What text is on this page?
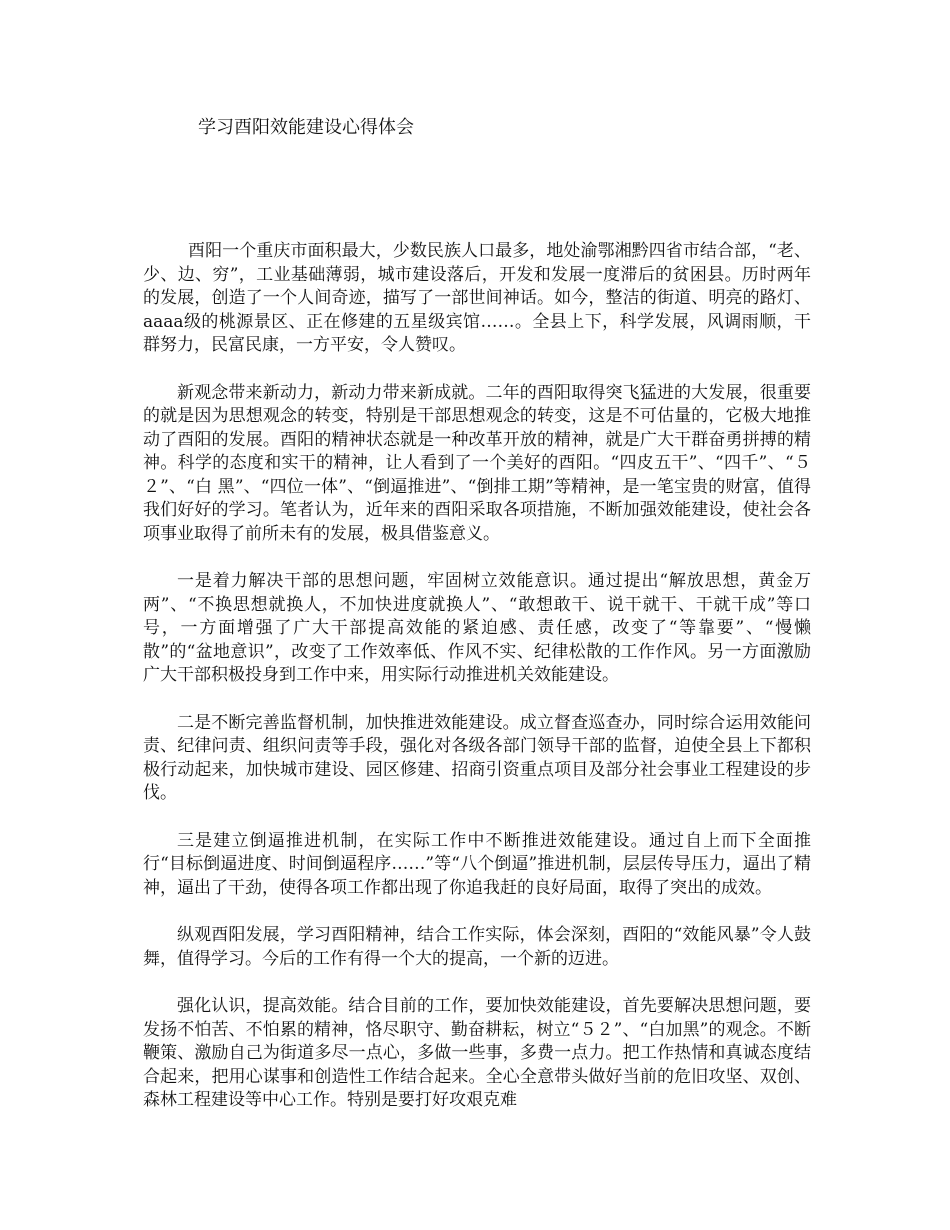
学习酉阳效能建设心得体会

酉阳一个重庆市面积最大，少数民族人口最多，地处渝鄂湘黔四省市结合部，“老、少、边、穷”，工业基础薄弱，城市建设落后，开发和发展一度滞后的贫困县。历时两年的发展，创造了一个人间奇迹，描写了一部世间神话。如今，整洁的街道、明亮的路灯、aaaa级的桃源景区、正在修建的五星级宾馆……。全县上下，科学发展，风调雨顺，干群努力，民富民康，一方平安，令人赞叹。

新观念带来新动力，新动力带来新成就。二年的酉阳取得突飞猛进的大发展，很重要的就是因为思想观念的转变，特别是干部思想观念的转变，这是不可估量的，它极大地推动了酉阳的发展。酉阳的精神状态就是一种改革开放的精神，就是广大干群奋勇拼搏的精神。科学的态度和实干的精神，让人看到了一个美好的酉阳。“四皮五干”、“四千”、“５２”、“白 黑”、“四位一体”、“倒逼推进”、“倒排工期”等精神，是一笔宝贵的财富，值得我们好好的学习。笔者认为，近年来的酉阳采取各项措施，不断加强效能建设，使社会各项事业取得了前所未有的发展，极具借鉴意义。

一是着力解决干部的思想问题，牢固树立效能意识。通过提出“解放思想，黄金万两”、“不换思想就换人，不加快进度就换人”、“敢想敢干、说干就干、干就干成”等口号，一方面增强了广大干部提高效能的紧迫感、责任感，改变了“等靠要”、“慢懒散”的“盆地意识”，改变了工作效率低、作风不实、纪律松散的工作作风。另一方面激励广大干部积极投身到工作中来，用实际行动推进机关效能建设。

二是不断完善监督机制，加快推进效能建设。成立督查巡查办，同时综合运用效能问责、纪律问责、组织问责等手段，强化对各级各部门领导干部的监督，迫使全县上下都积极行动起来，加快城市建设、园区修建、招商引资重点项目及部分社会事业工程建设的步伐。

三是建立倒逼推进机制，在实际工作中不断推进效能建设。通过自上而下全面推行“目标倒逼进度、时间倒逼程序……”等“八个倒逼”推进机制，层层传导压力，逼出了精神，逼出了干劲，使得各项工作都出现了你追我赶的良好局面，取得了突出的成效。

纵观酉阳发展，学习酉阳精神，结合工作实际，体会深刻，酉阳的“效能风暴”令人鼓舞，值得学习。今后的工作有得一个大的提高，一个新的迈进。

强化认识，提高效能。结合目前的工作，要加快效能建设，首先要解决思想问题，要发扬不怕苦、不怕累的精神，恪尽职守、勤奋耕耘，树立“５２”、“白加黑”的观念。不断鞭策、激励自己为街道多尽一点心，多做一些事，多费一点力。把工作热情和真诚态度结合起来，把用心谋事和创造性工作结合起来。全心全意带头做好当前的危旧攻坚、双创、森林工程建设等中心工作。特别是要打好攻艰克难
